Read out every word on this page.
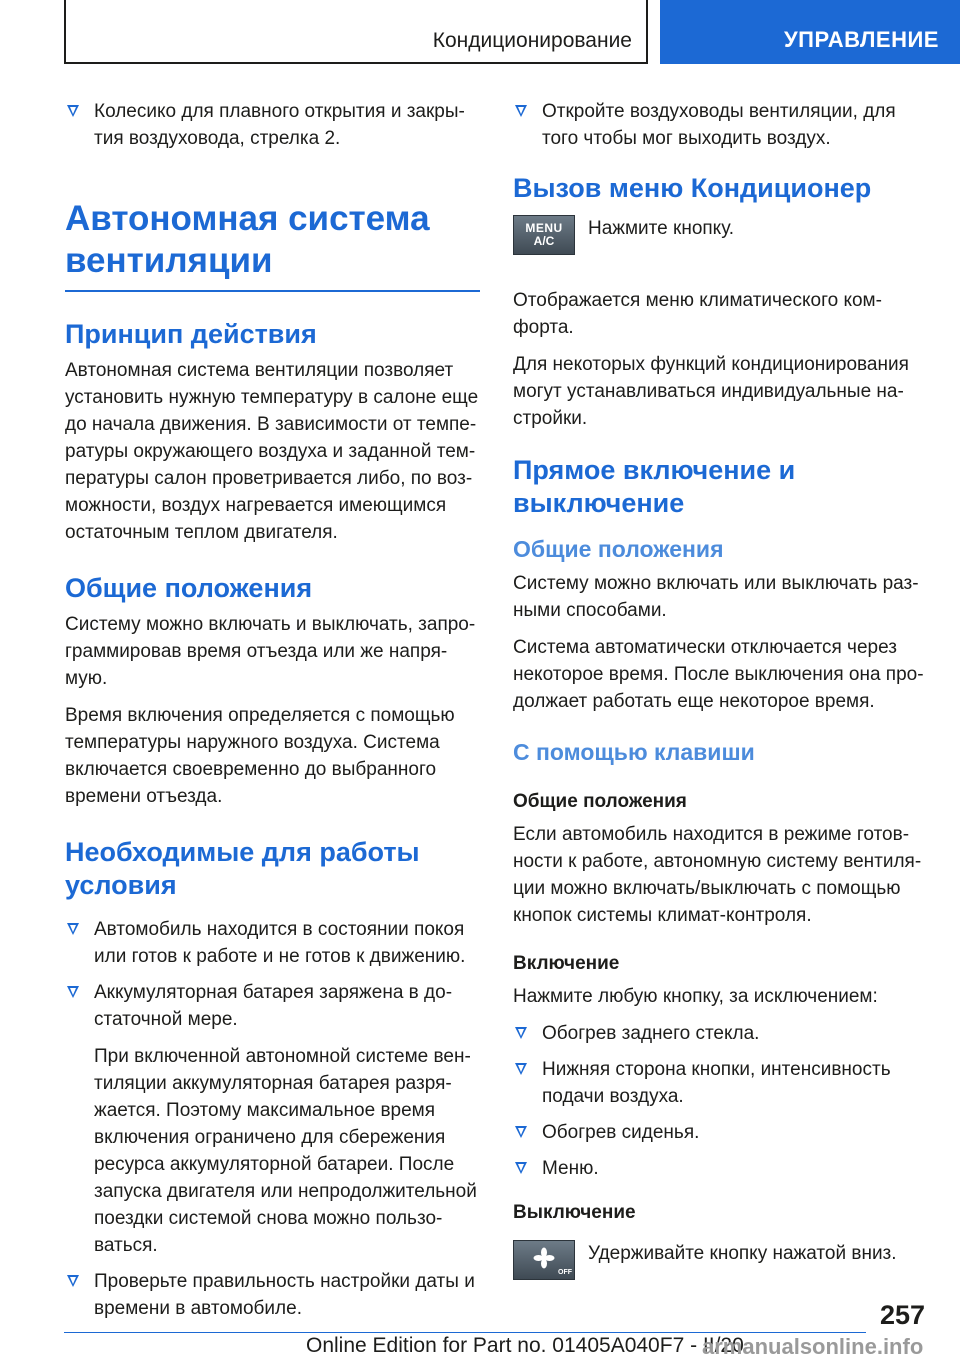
Кондиционирование	УПРАВЛЕНИЕ
Колесико для плавного открытия и закры-тия воздуховода, стрелка 2.
Автономная система вентиляции
Принцип действия

Автономная система вентиляции позволяет установить нужную температуру в салоне еще до начала движения. В зависимости от темпе-ратуры окружающего воздуха и заданной тем-пературы салон проветривается либо, по воз-можности, воздух нагревается имеющимся остаточным теплом двигателя.

Общие положения

Систему можно включать и выключать, запро-граммировав время отъезда или же напря-мую.

Время включения определяется с помощью температуры наружного воздуха. Система включается своевременно до выбранного времени отъезда.

Необходимые для работы условия
Автомобиль находится в состоянии покоя или готов к работе и не готов к движению.
Аккумуляторная батарея заряжена в до-статочной мере.

При включенной автономной системе вен-тиляции аккумуляторная батарея разря-жается. Поэтому максимальное время включения ограничено для сбережения ресурса аккумуляторной батареи. После запуска двигателя или непродолжительной поездки системой снова можно пользо-ваться.

Проверьте правильность настройки даты и времени в автомобиле.
Откройте воздуховоды вентиляции, для того чтобы мог выходить воздух.
Вызов меню Кондиционер
MENU
A/C

Нажмите кнопку.

Отображается меню климатического ком-форта.

Для некоторых функций кондиционирования могут устанавливаться индивидуальные на-стройки.

Прямое включение и выключение
Общие положения

Систему можно включать или выключать раз-ными способами.

Система автоматически отключается через некоторое время. После выключения она про-должает работать еще некоторое время.

С помощью клавиши
Общие положения

Если автомобиль находится в режиме готов-ности к работе, автономную систему вентиля-ции можно включать/выключать с помощью кнопок системы климат-контроля.

Включение

Нажмите любую кнопку, за исключением:

Обогрев заднего стекла.
Нижняя сторона кнопки, интенсивность подачи воздуха.
Обогрев сиденья.
Меню.
Выключение
OFF

Удерживайте кнопку нажатой вниз.

257
Online Edition for Part no. 01405A040F7 - II/20
armanualsonline.info
